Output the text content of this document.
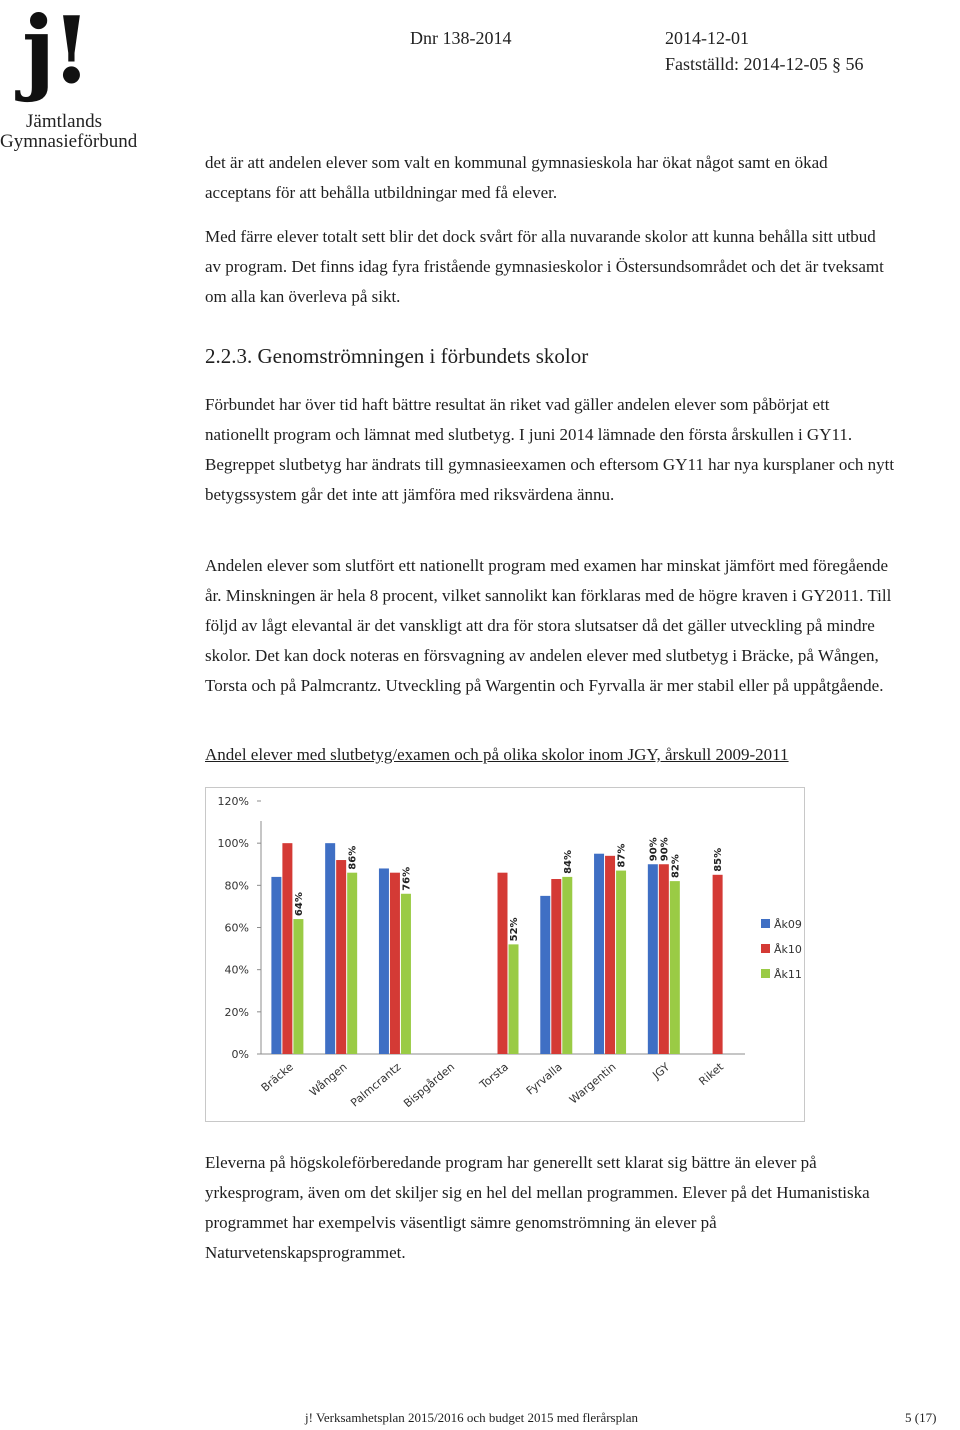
j!
Jämtlands
Gymnasieförbund
Dnr 138-2014	2014-12-01
Fastställd: 2014-12-05 § 56

det är att andelen elever som valt en kommunal gymnasieskola har ökat något samt en ökad acceptans för att behålla utbildningar med få elever.

Med färre elever totalt sett blir det dock svårt för alla nuvarande skolor att kunna behålla sitt utbud av program. Det finns idag fyra fristående gymnasieskolor i Östersundsområdet och det är tveksamt om alla kan överleva på sikt.

2.2.3. Genomströmningen i förbundets skolor

Förbundet har över tid haft bättre resultat än riket vad gäller andelen elever som påbörjat ett nationellt program och lämnat med slutbetyg. I juni 2014 lämnade den första årskullen i GY11. Begreppet slutbetyg har ändrats till gymnasieexamen och eftersom GY11 har nya kursplaner och nytt betygssystem går det inte att jämföra med riksvärdena ännu.

Andelen elever som slutfört ett nationellt program med examen har minskat jämfört med föregående år. Minskningen är hela 8 procent, vilket sannolikt kan förklaras med de högre kraven i GY2011. Till följd av lågt elevantal är det vanskligt att dra för stora slutsatser då det gäller utveckling på mindre skolor. Det kan dock noteras en försvagning av andelen elever med slutbetyg i Bräcke, på Wången, Torsta och på Palmcrantz. Utveckling på Wargentin och Fyrvalla är mer stabil eller på uppåtgående.

Andel elever med slutbetyg/examen och på olika skolor inom JGY, årskull 2009-2011
0%
20%
40%
60%
80%
100%
120%
64%
Bräcke
86%
Wången
76%
Palmcrantz
Bispgården
52%
Torsta
84%
Fyrvalla
87%
Wargentin
90% 90%
82%
JGY
85%
Riket
Åk09
Åk10
Åk11

Eleverna på högskoleförberedande program har generellt sett klarat sig bättre än elever på yrkesprogram, även om det skiljer sig en hel del mellan programmen. Elever på det Humanistiska programmet har exempelvis väsentligt sämre genomströmning än elever på Naturvetenskapsprogrammet.

j! Verksamhetsplan 2015/2016 och budget 2015 med flerårsplan	5 (17)
